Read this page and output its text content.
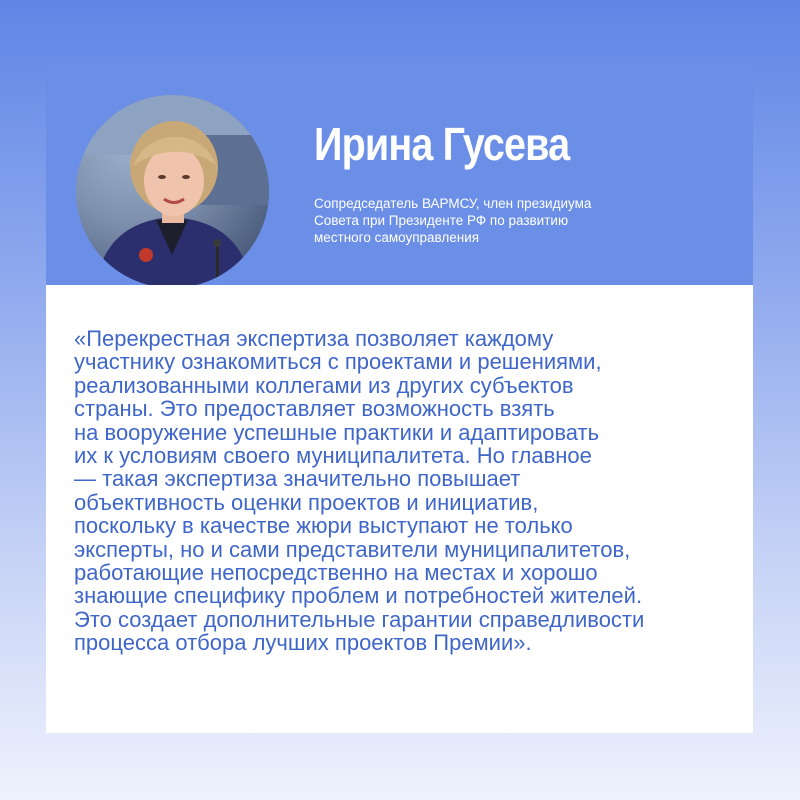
Ирина Гусева

Сопредседатель ВАРМСУ, член президиума
Совета при Президенте РФ по развитию
местного самоуправления

«Перекрестная экспертиза позволяет каждому
участнику ознакомиться с проектами и решениями,
реализованными коллегами из других субъектов
страны. Это предоставляет возможность взять
на вооружение успешные практики и адаптировать
их к условиям своего муниципалитета. Но главное
— такая экспертиза значительно повышает
объективность оценки проектов и инициатив,
поскольку в качестве жюри выступают не только
эксперты, но и сами представители муниципалитетов,
работающие непосредственно на местах и хорошо
знающие специфику проблем и потребностей жителей.
Это создает дополнительные гарантии справедливости
процесса отбора лучших проектов Премии».
